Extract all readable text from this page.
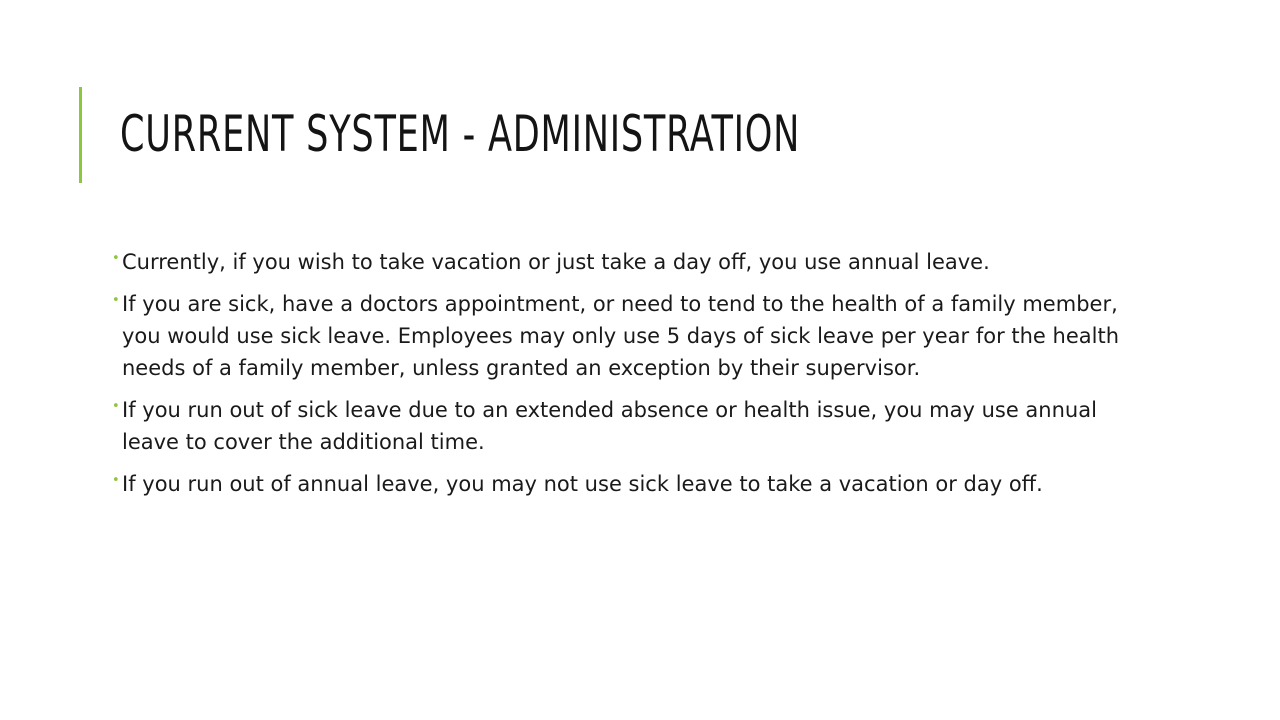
CURRENT SYSTEM - ADMINISTRATION
• Currently, if you wish to take vacation or just take a day off, you use annual leave.
• If you are sick, have a doctors appointment, or need to tend to the health of a family member, you would use sick leave. Employees may only use 5 days of sick leave per year for the health needs of a family member, unless granted an exception by their supervisor.
• If you run out of sick leave due to an extended absence or health issue, you may use annual leave to cover the additional time.
• If you run out of annual leave, you may not use sick leave to take a vacation or day off.
